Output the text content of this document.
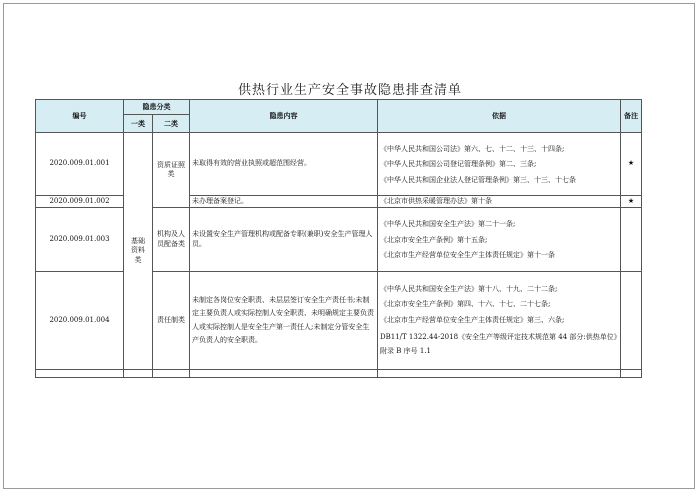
供热行业生产安全事故隐患排查清单
编号	隐患分类		隐患内容	依据	备注
	一类	二类			
2020.009.01.001	基础资料类	资质证照类	未取得有效的营业执照或超范围经营。	《中华人民共和国公司法》第六、七、十二、十三、十四条;
《中华人民共和国公司登记管理条例》第二、三条;
《中华人民共和国企业法人登记管理条例》第三、十三、十七条	★
2020.009.01.002			未办理备案登记。	《北京市供热采暖管理办法》第十条	★
2020.009.01.003		机构及人员配备类	未设置安全生产管理机构或配备专职(兼职)安全生产管理人员。	《中华人民共和国安全生产法》第二十一条;
《北京市安全生产条例》第十五条;
《北京市生产经营单位安全生产主体责任规定》第十一条	

2020.009.01.004		责任制类	未制定各岗位安全职责、未层层签订安全生产责任书;未制定主要负责人或实际控制人安全职责、未明确规定主要负责人或实际控制人是安全生产第一责任人;未制定分管安全生产负责人的安全职责。	《中华人民共和国安全生产法》第十八、十九、二十二条;
《北京市安全生产条例》第四、十六、十七、二十七条;
《北京市生产经营单位安全生产主体责任规定》第三、六条;
DB11/T 1322.44-2018《安全生产等级评定技术规范第 44 部分:供热单位》附录 B 序号 1.1	
